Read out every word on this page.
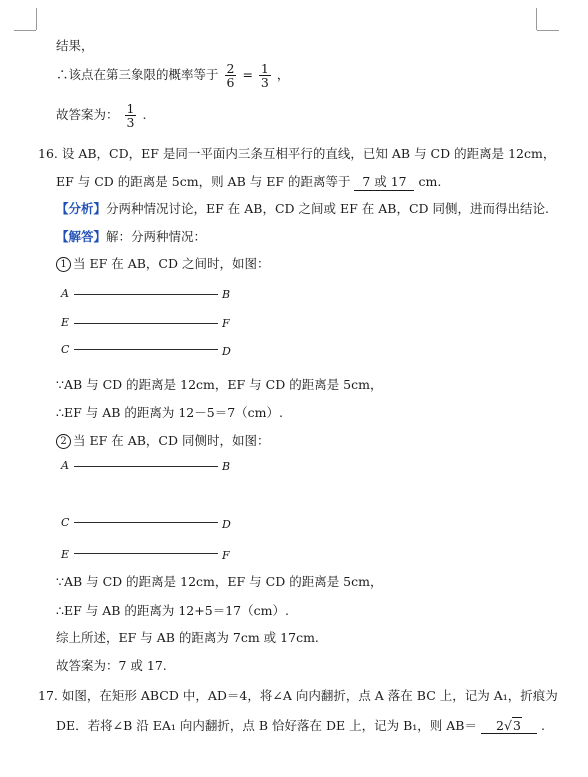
结果，
∴该点在第三象限的概率等于 $\frac{2}{6} = \frac{1}{3}$ ，
故答案为： $\frac{1}{3}$ .
16. 设 AB，CD，EF 是同一平面内三条互相平行的直线，已知 AB 与 CD 的距离是 12cm，
EF 与 CD 的距离是 5cm，则 AB 与 EF 的距离等于 7 或 17 cm.
【分析】分两种情况讨论，EF 在 AB，CD 之间或 EF 在 AB，CD 同侧，进而得出结论.
【解答】解：分两种情况：
1 当 EF 在 AB，CD 之间时，如图：
A	B
E	F
C	D
∵AB 与 CD 的距离是 12cm，EF 与 CD 的距离是 5cm，
∴EF 与 AB 的距离为 12－5＝7（cm）.
2 当 EF 在 AB，CD 同侧时，如图：
A	B
C	D
E	F
∵AB 与 CD 的距离是 12cm，EF 与 CD 的距离是 5cm，
∴EF 与 AB 的距离为 12+5＝17（cm）.
综上所述，EF 与 AB 的距离为 7cm 或 17cm.
故答案为：7 或 17.
17. 如图，在矩形 ABCD 中，AD＝4，将∠A 向内翻折，点 A 落在 BC 上，记为 A₁，折痕为
DE．若将∠B 沿 EA₁ 向内翻折，点 B 恰好落在 DE 上，记为 B₁，则 AB＝ 2√3 .
